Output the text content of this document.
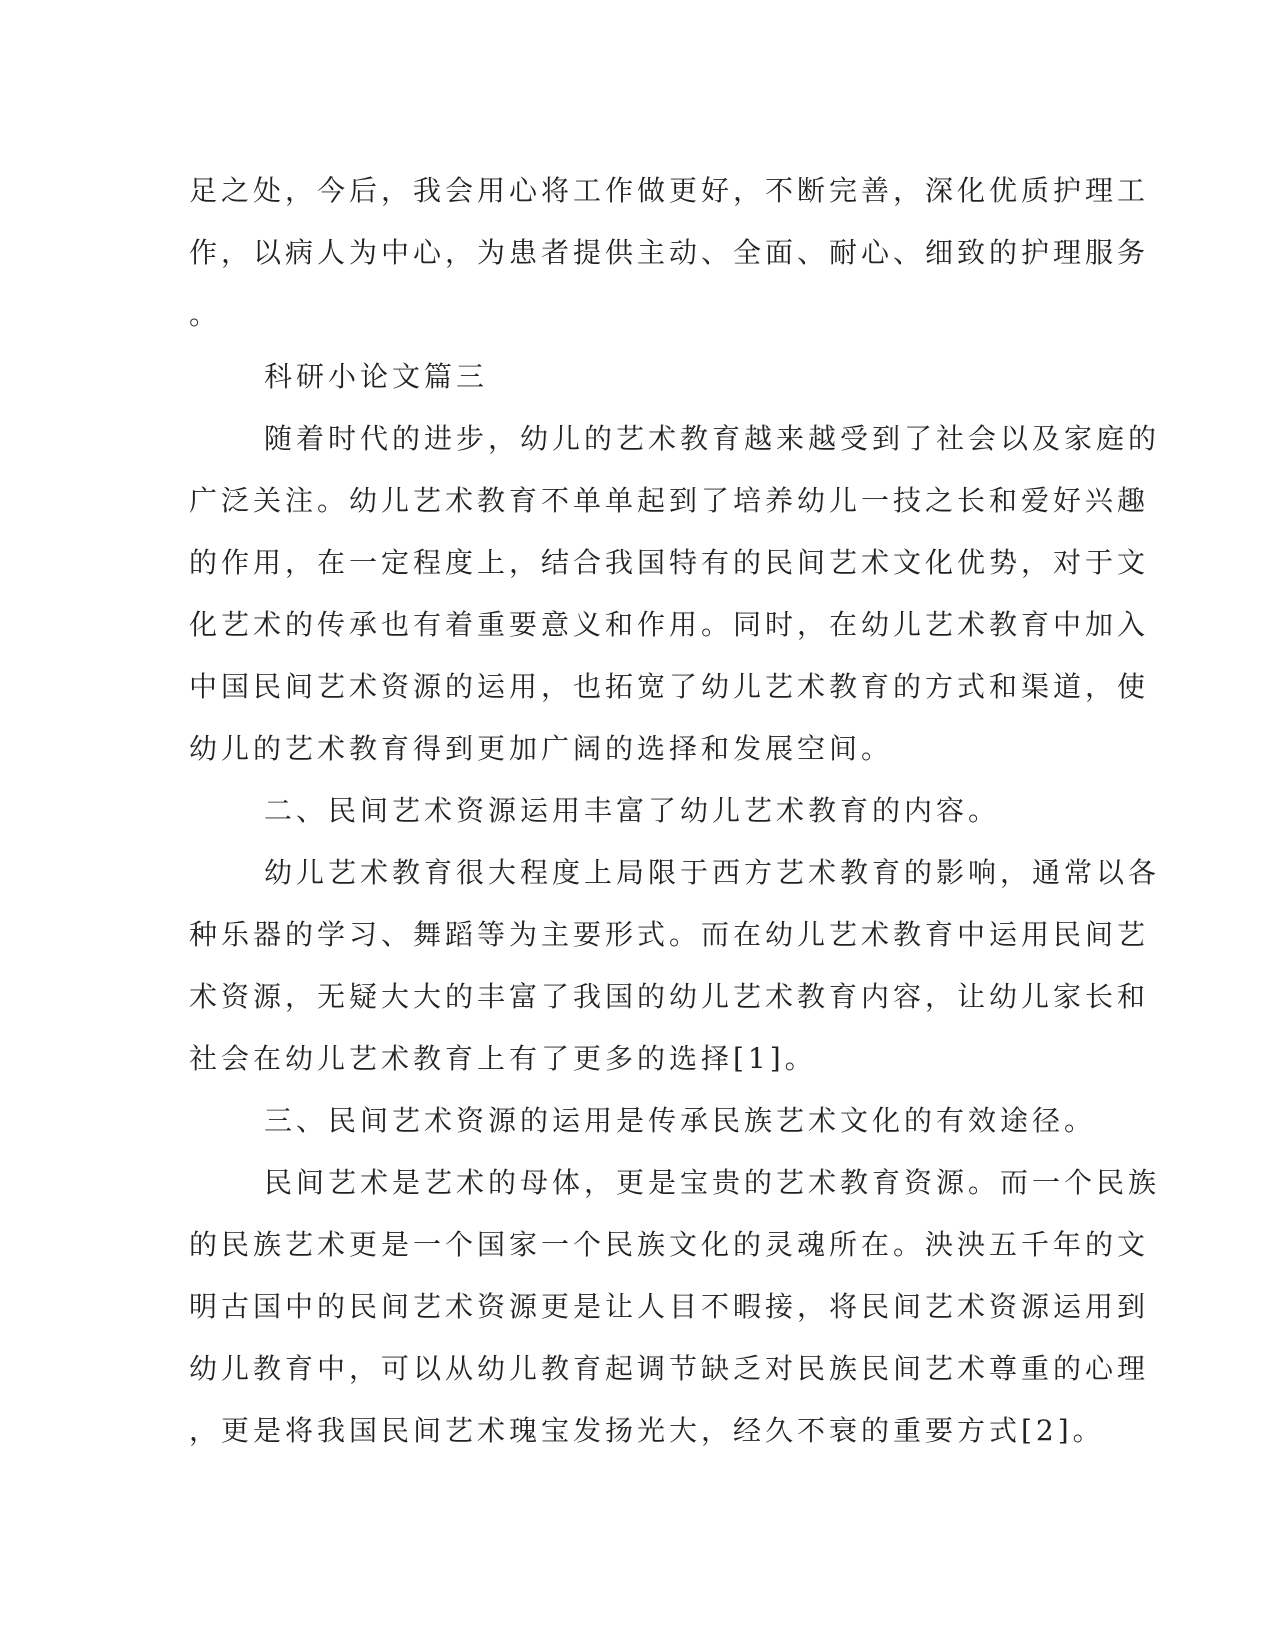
足之处，今后，我会用心将工作做更好，不断完善，深化优质护理工
作，以病人为中心，为患者提供主动、全面、耐心、细致的护理服务
。
科研小论文篇三
随着时代的进步，幼儿的艺术教育越来越受到了社会以及家庭的
广泛关注。幼儿艺术教育不单单起到了培养幼儿一技之长和爱好兴趣
的作用，在一定程度上，结合我国特有的民间艺术文化优势，对于文
化艺术的传承也有着重要意义和作用。同时，在幼儿艺术教育中加入
中国民间艺术资源的运用，也拓宽了幼儿艺术教育的方式和渠道，使
幼儿的艺术教育得到更加广阔的选择和发展空间。
二、民间艺术资源运用丰富了幼儿艺术教育的内容。
幼儿艺术教育很大程度上局限于西方艺术教育的影响，通常以各
种乐器的学习、舞蹈等为主要形式。而在幼儿艺术教育中运用民间艺
术资源，无疑大大的丰富了我国的幼儿艺术教育内容，让幼儿家长和
社会在幼儿艺术教育上有了更多的选择[1]。
三、民间艺术资源的运用是传承民族艺术文化的有效途径。
民间艺术是艺术的母体，更是宝贵的艺术教育资源。而一个民族
的民族艺术更是一个国家一个民族文化的灵魂所在。泱泱五千年的文
明古国中的民间艺术资源更是让人目不暇接，将民间艺术资源运用到
幼儿教育中，可以从幼儿教育起调节缺乏对民族民间艺术尊重的心理
，更是将我国民间艺术瑰宝发扬光大，经久不衰的重要方式[2]。
